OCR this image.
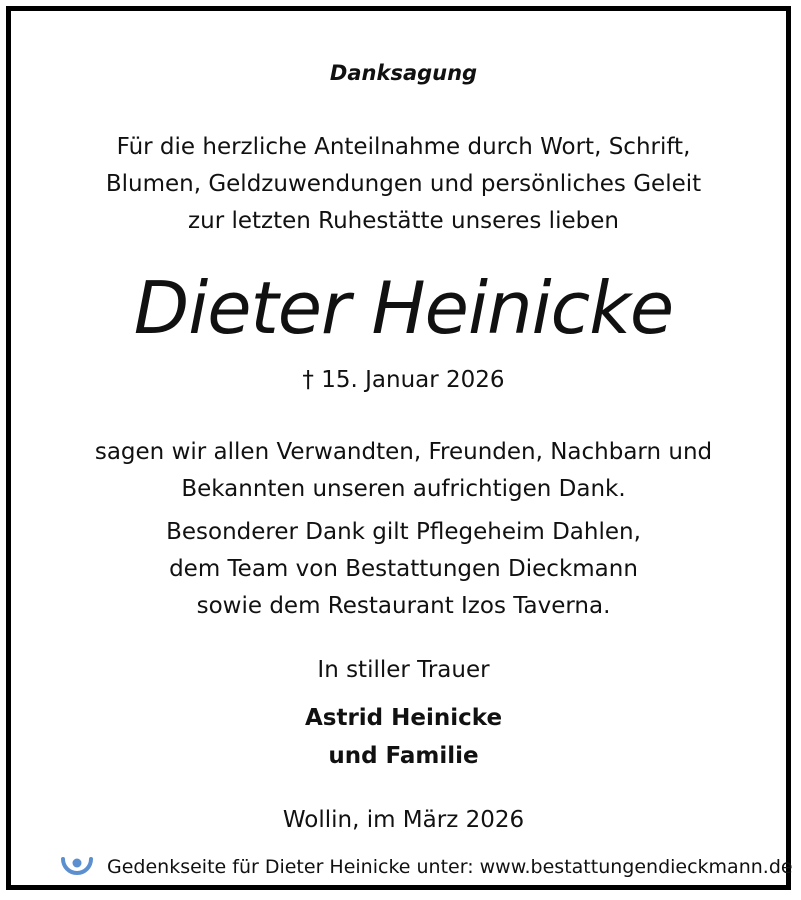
Danksagung
Für die herzliche Anteilnahme durch Wort, Schrift,
Blumen, Geldzuwendungen und persönliches Geleit
zur letzten Ruhestätte unseres lieben
Dieter Heinicke
† 15. Januar 2026
sagen wir allen Verwandten, Freunden, Nachbarn und
Bekannten unseren aufrichtigen Dank.
Besonderer Dank gilt Pflegeheim Dahlen,
dem Team von Bestattungen Dieckmann
sowie dem Restaurant Izos Taverna.
In stiller Trauer
Astrid Heinicke
und Familie
Wollin, im März 2026
Gedenkseite für Dieter Heinicke unter: www.bestattungendieckmann.de
